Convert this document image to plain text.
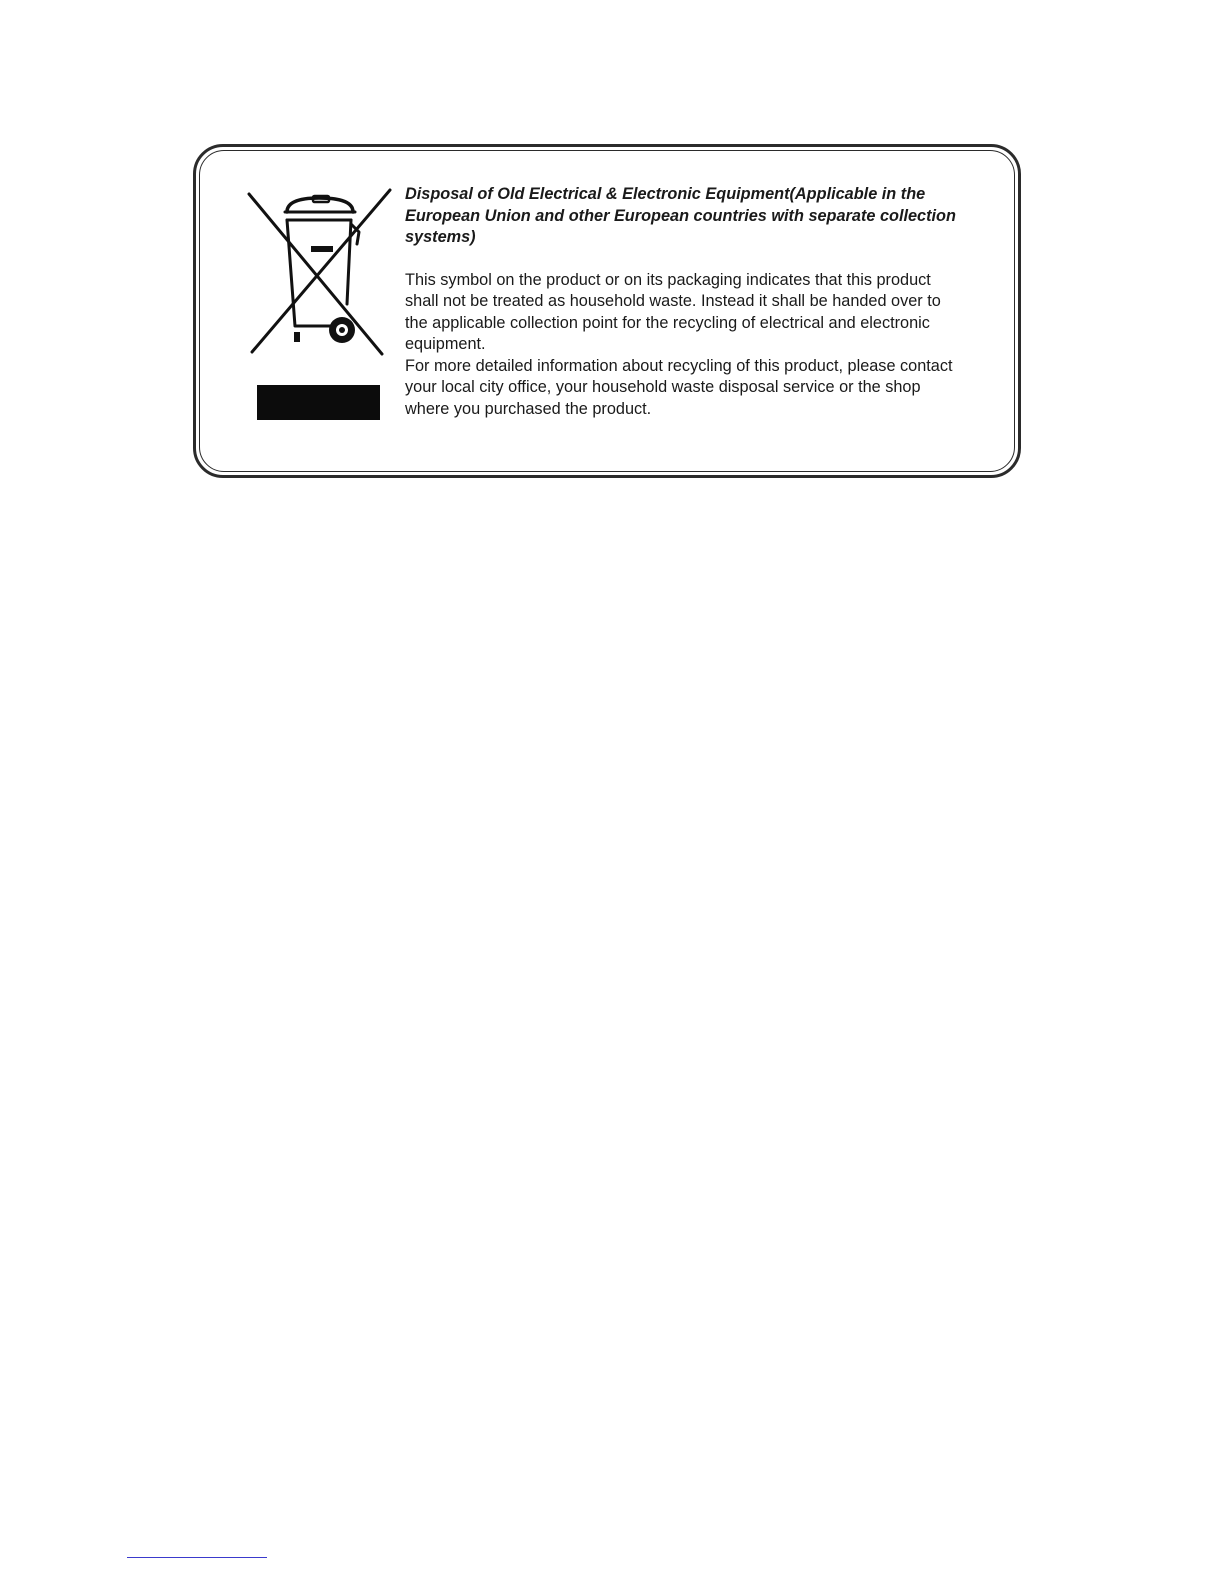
Disposal of Old Electrical & Electronic Equipment(Applicable in the European Union and other European countries with separate collection systems)

This symbol on the product or on its packaging indicates that this product shall not be treated as household waste. Instead it shall be handed over to the applicable collection point for the recycling of electrical and electronic equipment.

For more detailed information about recycling of this product, please contact your local city office, your household waste disposal service or the shop where you purchased the product.
